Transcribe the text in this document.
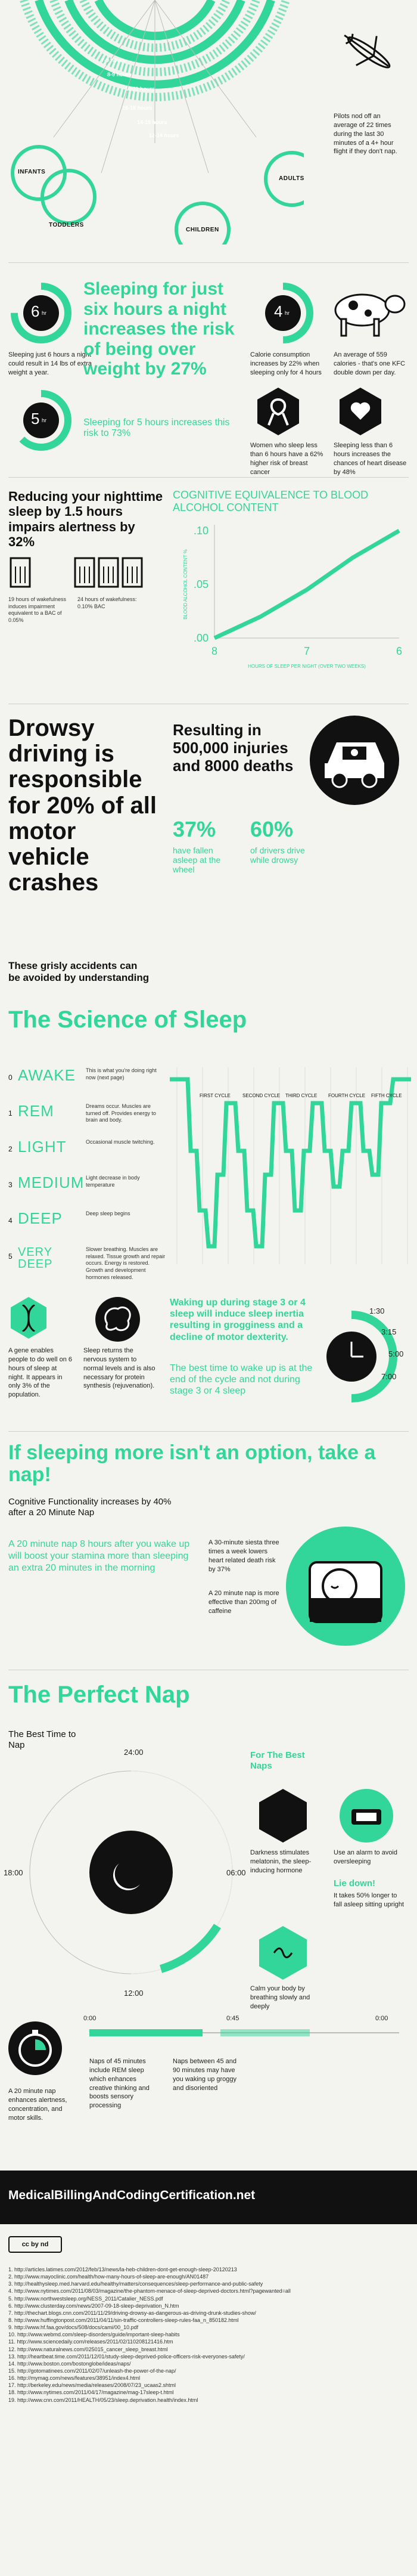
16-18 hours
14-15 hours
12-14 hours
10-11 hours
8-9 hours
7-9 hours
INFANTS
TODDLERS
CHILDREN
ADULTS
Pilots nod off an average of 22 times during the last 30 minutes of a 4+ hour flight if they don't nap.
6 hr
Sleeping just 6 hours a night could result in 14 lbs of extra weight a year.
Sleeping for just six hours a night increases the risk of being over weight by 27%
4 hr
Calorie consumption increases by 22% when sleeping only for 4 hours
An average of 559 calories - that's one KFC double down per day.
5 hr	Sleeping for 5 hours increases this risk to 73%
Women who sleep less than 6 hours have a 62% higher risk of breast cancer
Sleeping less than 6 hours increases the chances of heart disease by 48%
Reducing your nighttime sleep by 1.5 hours impairs alertness by 32%
19 hours of wakefulness induces impairment equivalent to a BAC of 0.05%
24 hours of wakefulness: 0.10% BAC
COGNITIVE EQUIVALENCE TO BLOOD ALCOHOL CONTENT
.10
.05
.00
8	7	6
BLOOD ALCOHOL CONTENT %
HOURS OF SLEEP PER NIGHT (OVER TWO WEEKS)
Drowsy driving is responsible for 20% of all motor vehicle crashes
Resulting in 500,000 injuries and 8000 deaths
37%
have fallen asleep at the wheel
60%
of drivers drive while drowsy
These grisly accidents can be avoided by understanding
The Science of Sleep
0 AWAKE	This is what you're doing right now (next page)
1 REM	Dreams occur. Muscles are turned off. Provides energy to brain and body.
2 LIGHT	Occasional muscle twitching.
3 MEDIUM Light decrease in body temperature
4 DEEP	Deep sleep begins
5 VERY DEEP
Slower breathing. Muscles are relaxed. Tissue growth and repair occurs. Energy is restored. Growth and development hormones released.
FIRST CYCLE	SECOND CYCLE THIRD CYCLE FOURTH CYCLE FIFTH CYCLE
A gene enables people to do well on 6 hours of sleep at night. It appears in only 3% of the population.
Sleep returns the nervous system to normal levels and is also necessary for protein synthesis (rejuvenation).
Waking up during stage 3 or 4 sleep will induce sleep inertia resulting in grogginess and a decline of motor dexterity.
The best time to wake up is at the end of the cycle and not during stage 3 or 4 sleep
1:30
3:15
5:00
7:00
If sleeping more isn't an option, take a nap!
Cognitive Functionality increases by 40% after a 20 Minute Nap
A 20 minute nap 8 hours after you wake up will boost your stamina more than sleeping an extra 20 minutes in the morning
A 30-minute siesta three times a week lowers heart related death risk by 37%
A 20 minute nap is more effective than 200mg of caffeine
The Perfect Nap
The Best Time to Nap
24:00
18:00	06:00
12:00
For The Best Naps
Darkness stimulates melatonin, the sleep-inducing hormone
Use an alarm to avoid oversleeping
Lie down!
It takes 50% longer to fall asleep sitting upright
Calm your body by breathing slowly and deeply
0:00	0:45	0:00
A 20 minute nap enhances alertness, concentration, and motor skills.
Naps of 45 minutes include REM sleep which enhances creative thinking and boosts sensory processing
Naps between 45 and 90 minutes may have you waking up groggy and disoriented
MedicalBillingAndCodingCertification.net
cc by nd
1. http://articles.latimes.com/2012/feb/13/news/la-heb-children-dont-get-enough-sleep-20120213
2. http://www.mayoclinic.com/health/how-many-hours-of-sleep-are-enough/AN01487
3. http://healthysleep.med.harvard.edu/healthy/matters/consequences/sleep-performance-and-public-safety
4. http://www.nytimes.com/2011/08/03/magazine/the-phantom-menace-of-sleep-deprived-doctors.html?pagewanted=all
5. http://www.northwestsleep.org/NESS_2011/Catalier_NESS.pdf
6. http://www.clusterday.com/news/2007-09-18-sleep-deprivation_N.htm
7. http://thechart.blogs.cnn.com/2011/11/29/driving-drowsy-as-dangerous-as-driving-drunk-studies-show/
8. http://www.huffingtonpost.com/2011/04/11/sin-traffic-controllers-sleep-rules-faa_n_850182.html
9. http://www.hf.faa.gov/docs/508/docs/cami/00_10.pdf
10. http://www.webmd.com/sleep-disorders/guide/important-sleep-habits
11. http://www.sciencedaily.com/releases/2011/02/110208121416.htm
12. http://www.naturalnews.com/025015_cancer_sleep_breast.html
13. http://heartbeat.time.com/2011/12/01/study-sleep-deprived-police-officers-risk-everyones-safety/
14. http://www.boston.com/bostonglobe/ideas/naps/
15. http://gotomatinees.com/2011/02/07/unleash-the-power-of-the-nap/
16. http://mymag.com/news/features/38951/index4.html
17. http://berkeley.edu/news/media/releases/2008/07/23_ucaas2.shtml
18. http://www.nytimes.com/2011/04/17/magazine/mag-17sleep-t.html
19. http://www.cnn.com/2011/HEALTH/05/23/sleep.deprivation.health/index.html
